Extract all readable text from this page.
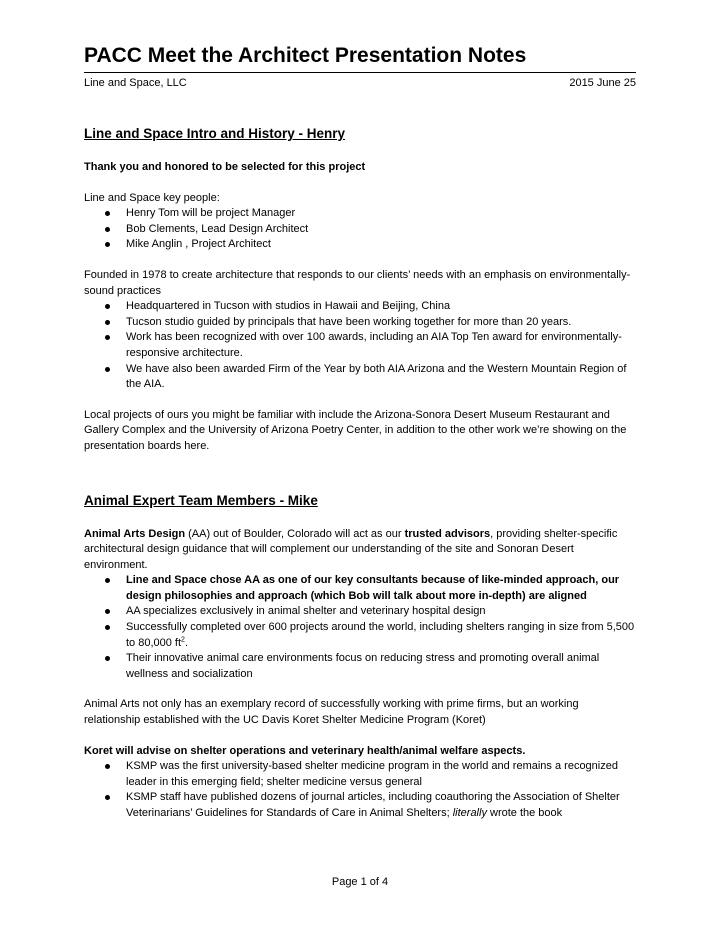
PACC Meet the Architect Presentation Notes
Line and Space, LLC	2015 June 25
Line and Space Intro and History - Henry

Thank you and honored to be selected for this project

Line and Space key people:

Henry Tom will be project Manager
Bob Clements, Lead Design Architect
Mike Anglin , Project Architect

Founded in 1978 to create architecture that responds to our clients’ needs with an emphasis on environmentally-sound practices

Headquartered in Tucson with studios in Hawaii and Beijing, China
Tucson studio guided by principals that have been working together for more than 20 years.
Work has been recognized with over 100 awards, including an AIA Top Ten award for environmentally-responsive architecture.
We have also been awarded Firm of the Year by both AIA Arizona and the Western Mountain Region of the AIA.

Local projects of ours you might be familiar with include the Arizona-Sonora Desert Museum Restaurant and Gallery Complex and the University of Arizona Poetry Center, in addition to the other work we’re showing on the presentation boards here.

Animal Expert Team Members - Mike

Animal Arts Design (AA) out of Boulder, Colorado will act as our trusted advisors, providing shelter-specific architectural design guidance that will complement our understanding of the site and Sonoran Desert environment.

Line and Space chose AA as one of our key consultants because of like-minded approach, our design philosophies and approach (which Bob will talk about more in-depth) are aligned
AA specializes exclusively in animal shelter and veterinary hospital design
Successfully completed over 600 projects around the world, including shelters ranging in size from 5,500 to 80,000 $ft^2$.
Their innovative animal care environments focus on reducing stress and promoting overall animal wellness and socialization

Animal Arts not only has an exemplary record of successfully working with prime firms, but an working relationship established with the UC Davis Koret Shelter Medicine Program (Koret)

Koret will advise on shelter operations and veterinary health/animal welfare aspects.

KSMP was the first university-based shelter medicine program in the world and remains a recognized leader in this emerging field; shelter medicine versus general
KSMP staff have published dozens of journal articles, including coauthoring the Association of Shelter Veterinarians’ Guidelines for Standards of Care in Animal Shelters; literally wrote the book
Page 1 of 4
